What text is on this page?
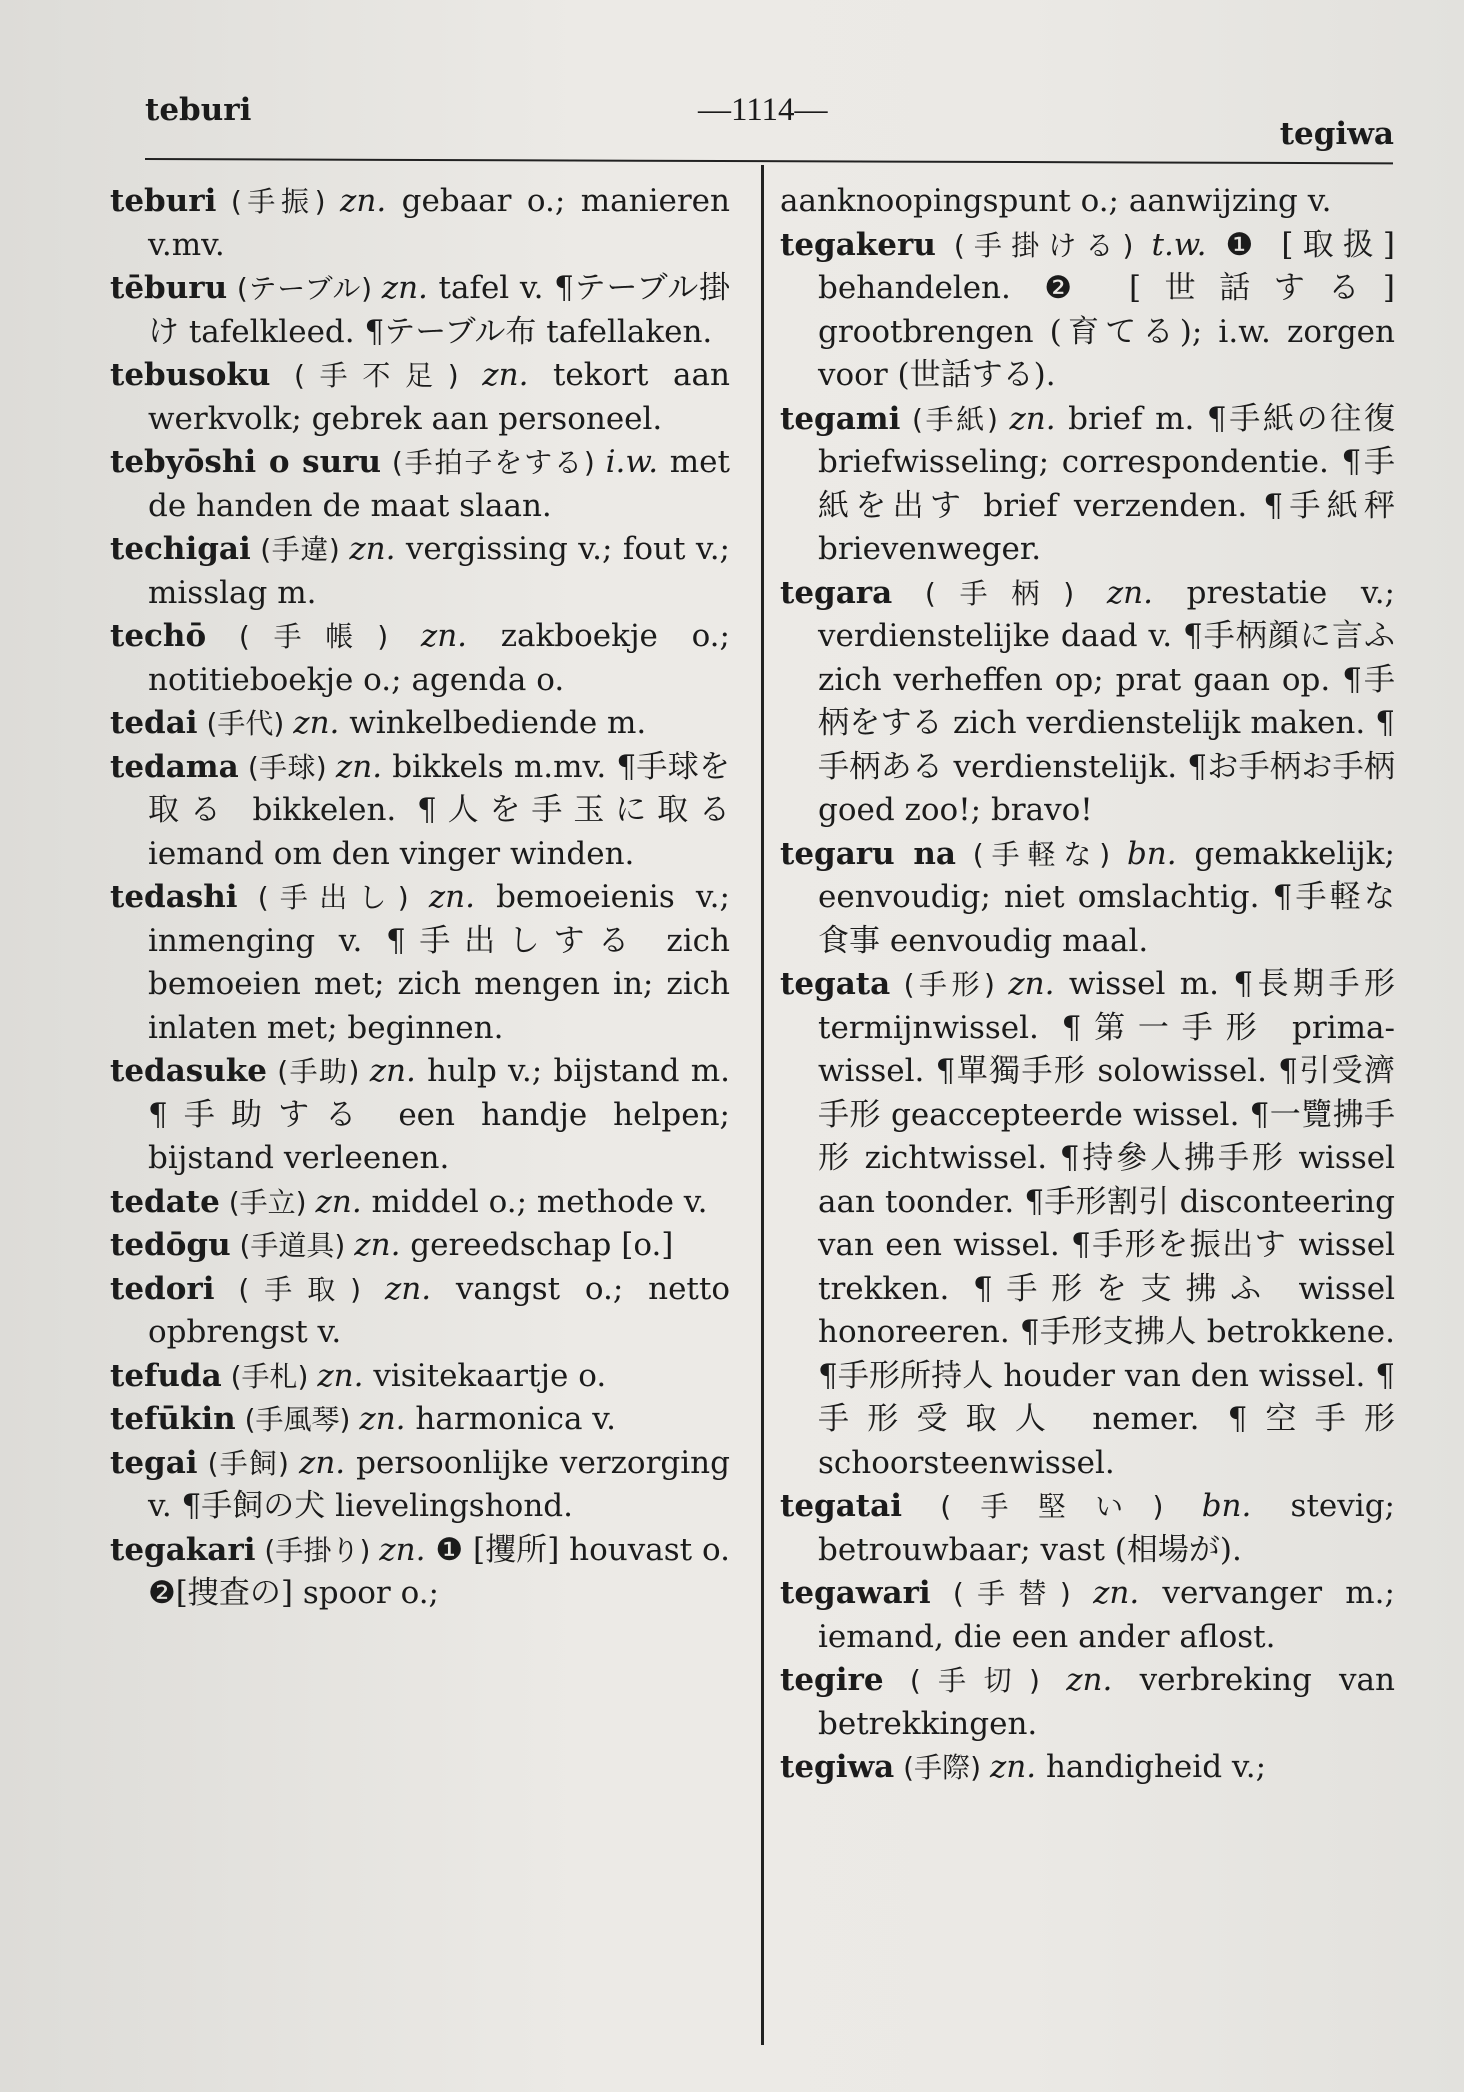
teburi	—1114—
tegiwa

teburi (手振) zn. gebaar o.; manieren v.mv.

tēburu (テーブル) zn. tafel v. ¶テーブル掛け tafelkleed. ¶テーブル布 tafellaken.

tebusoku (手不足) zn. tekort aan werkvolk; gebrek aan personeel.

tebyōshi o suru (手拍子をする) i.w. met de handen de maat slaan.

techigai (手違) zn. vergissing v.; fout v.; misslag m.

techō (手帳) zn. zakboekje o.; notitieboekje o.; agenda o.

tedai (手代) zn. winkelbediende m.

tedama (手球) zn. bikkels m.mv. ¶手球を取る bikkelen. ¶人を手玉に取る iemand om den vinger winden.

tedashi (手出し) zn. bemoeienis v.; inmenging v. ¶手出しする zich bemoeien met; zich mengen in; zich inlaten met; beginnen.

tedasuke (手助) zn. hulp v.; bijstand m. ¶手助する een handje helpen; bijstand verleenen.

tedate (手立) zn. middel o.; methode v.

tedōgu (手道具) zn. gereedschap [o.]

tedori (手取) zn. vangst o.; netto opbrengst v.

tefuda (手札) zn. visitekaartje o.

tefūkin (手風琴) zn. harmonica v.

tegai (手飼) zn. persoonlijke verzorging v. ¶手飼の犬 lievelingshond.

tegakari (手掛り) zn. ❶ [攫所] houvast o. ❷[捜査の] spoor o.;

aanknoopingspunt o.; aanwijzing v.

tegakeru (手掛ける) t.w. ❶ [取扱] behandelen. ❷ [世話する] grootbrengen (育てる); i.w. zorgen voor (世話する).

tegami (手紙) zn. brief m. ¶手紙の往復 briefwisseling; correspondentie. ¶手紙を出す brief verzenden. ¶手紙秤 brievenweger.

tegara (手柄) zn. prestatie v.; verdienstelijke daad v. ¶手柄顔に言ふ zich verheffen op; prat gaan op. ¶手柄をする zich verdienstelijk maken. ¶手柄ある verdienstelijk. ¶お手柄お手柄 goed zoo!; bravo!

tegaru na (手軽な) bn. gemakkelijk; eenvoudig; niet omslachtig. ¶手軽な食事 eenvoudig maal.

tegata (手形) zn. wissel m. ¶長期手形 termijnwissel. ¶第一手形 prima-wissel. ¶單獨手形 solowissel. ¶引受濟手形 geaccepteerde wissel. ¶一覽拂手形 zichtwissel. ¶持參人拂手形 wissel aan toonder. ¶手形割引 disconteering van een wissel. ¶手形を振出す wissel trekken. ¶手形を支拂ふ wissel honoreeren. ¶手形支拂人 betrokkene. ¶手形所持人 houder van den wissel. ¶手形受取人 nemer. ¶空手形 schoorsteenwissel.

tegatai (手堅い) bn. stevig; betrouwbaar; vast (相場が).

tegawari (手替) zn. vervanger m.; iemand, die een ander aflost.

tegire (手切) zn. verbreking van betrekkingen.

tegiwa (手際) zn. handigheid v.;
